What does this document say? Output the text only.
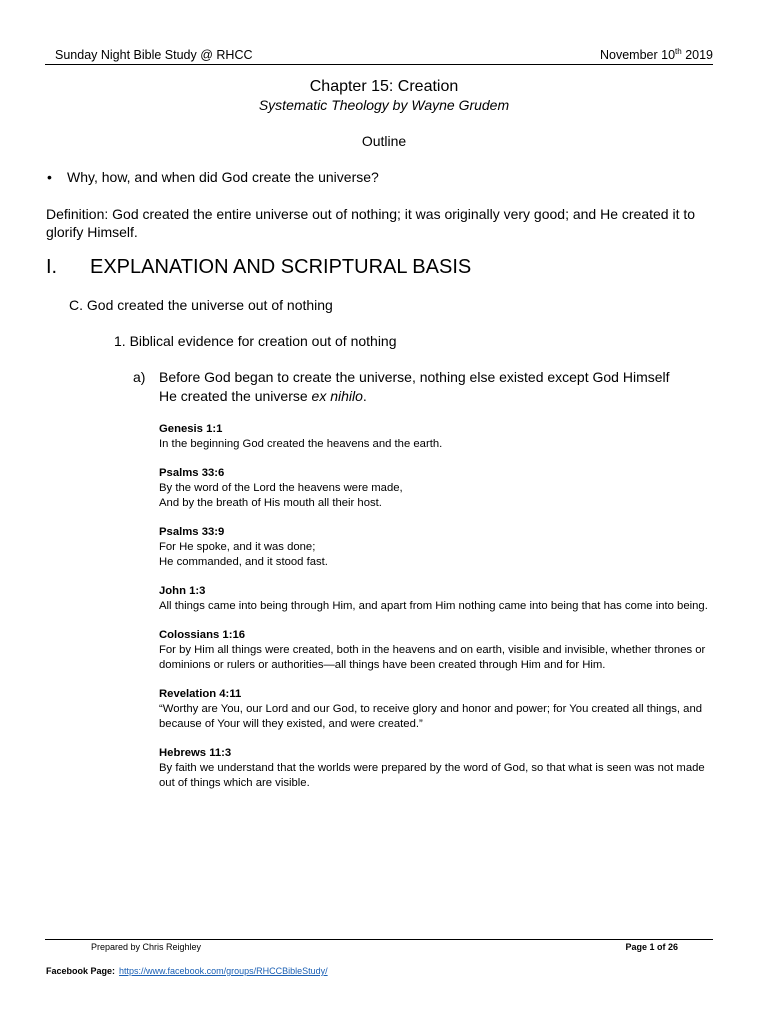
Sunday Night Bible Study @ RHCC	November 10th 2019
Chapter 15: Creation
Systematic Theology by Wayne Grudem
Outline
• Why, how, and when did God create the universe?
Definition: God created the entire universe out of nothing; it was originally very good; and He created it to glorify Himself.
I. EXPLANATION AND SCRIPTURAL BASIS
C. God created the universe out of nothing
1. Biblical evidence for creation out of nothing
a) Before God began to create the universe, nothing else existed except God Himself
He created the universe ex nihilo.
Genesis 1:1
In the beginning God created the heavens and the earth.
Psalms 33:6
By the word of the Lord the heavens were made,
And by the breath of His mouth all their host.
Psalms 33:9
For He spoke, and it was done;
He commanded, and it stood fast.
John 1:3
All things came into being through Him, and apart from Him nothing came into being that has come into being.
Colossians 1:16
For by Him all things were created, both in the heavens and on earth, visible and invisible, whether thrones or dominions or rulers or authorities—all things have been created through Him and for Him.
Revelation 4:11
“Worthy are You, our Lord and our God, to receive glory and honor and power; for You created all things, and because of Your will they existed, and were created.”
Hebrews 11:3
By faith we understand that the worlds were prepared by the word of God, so that what is seen was not made out of things which are visible.
Prepared by Chris Reighley	Page 1 of 26
Facebook Page: https://www.facebook.com/groups/RHCCBibleStudy/
